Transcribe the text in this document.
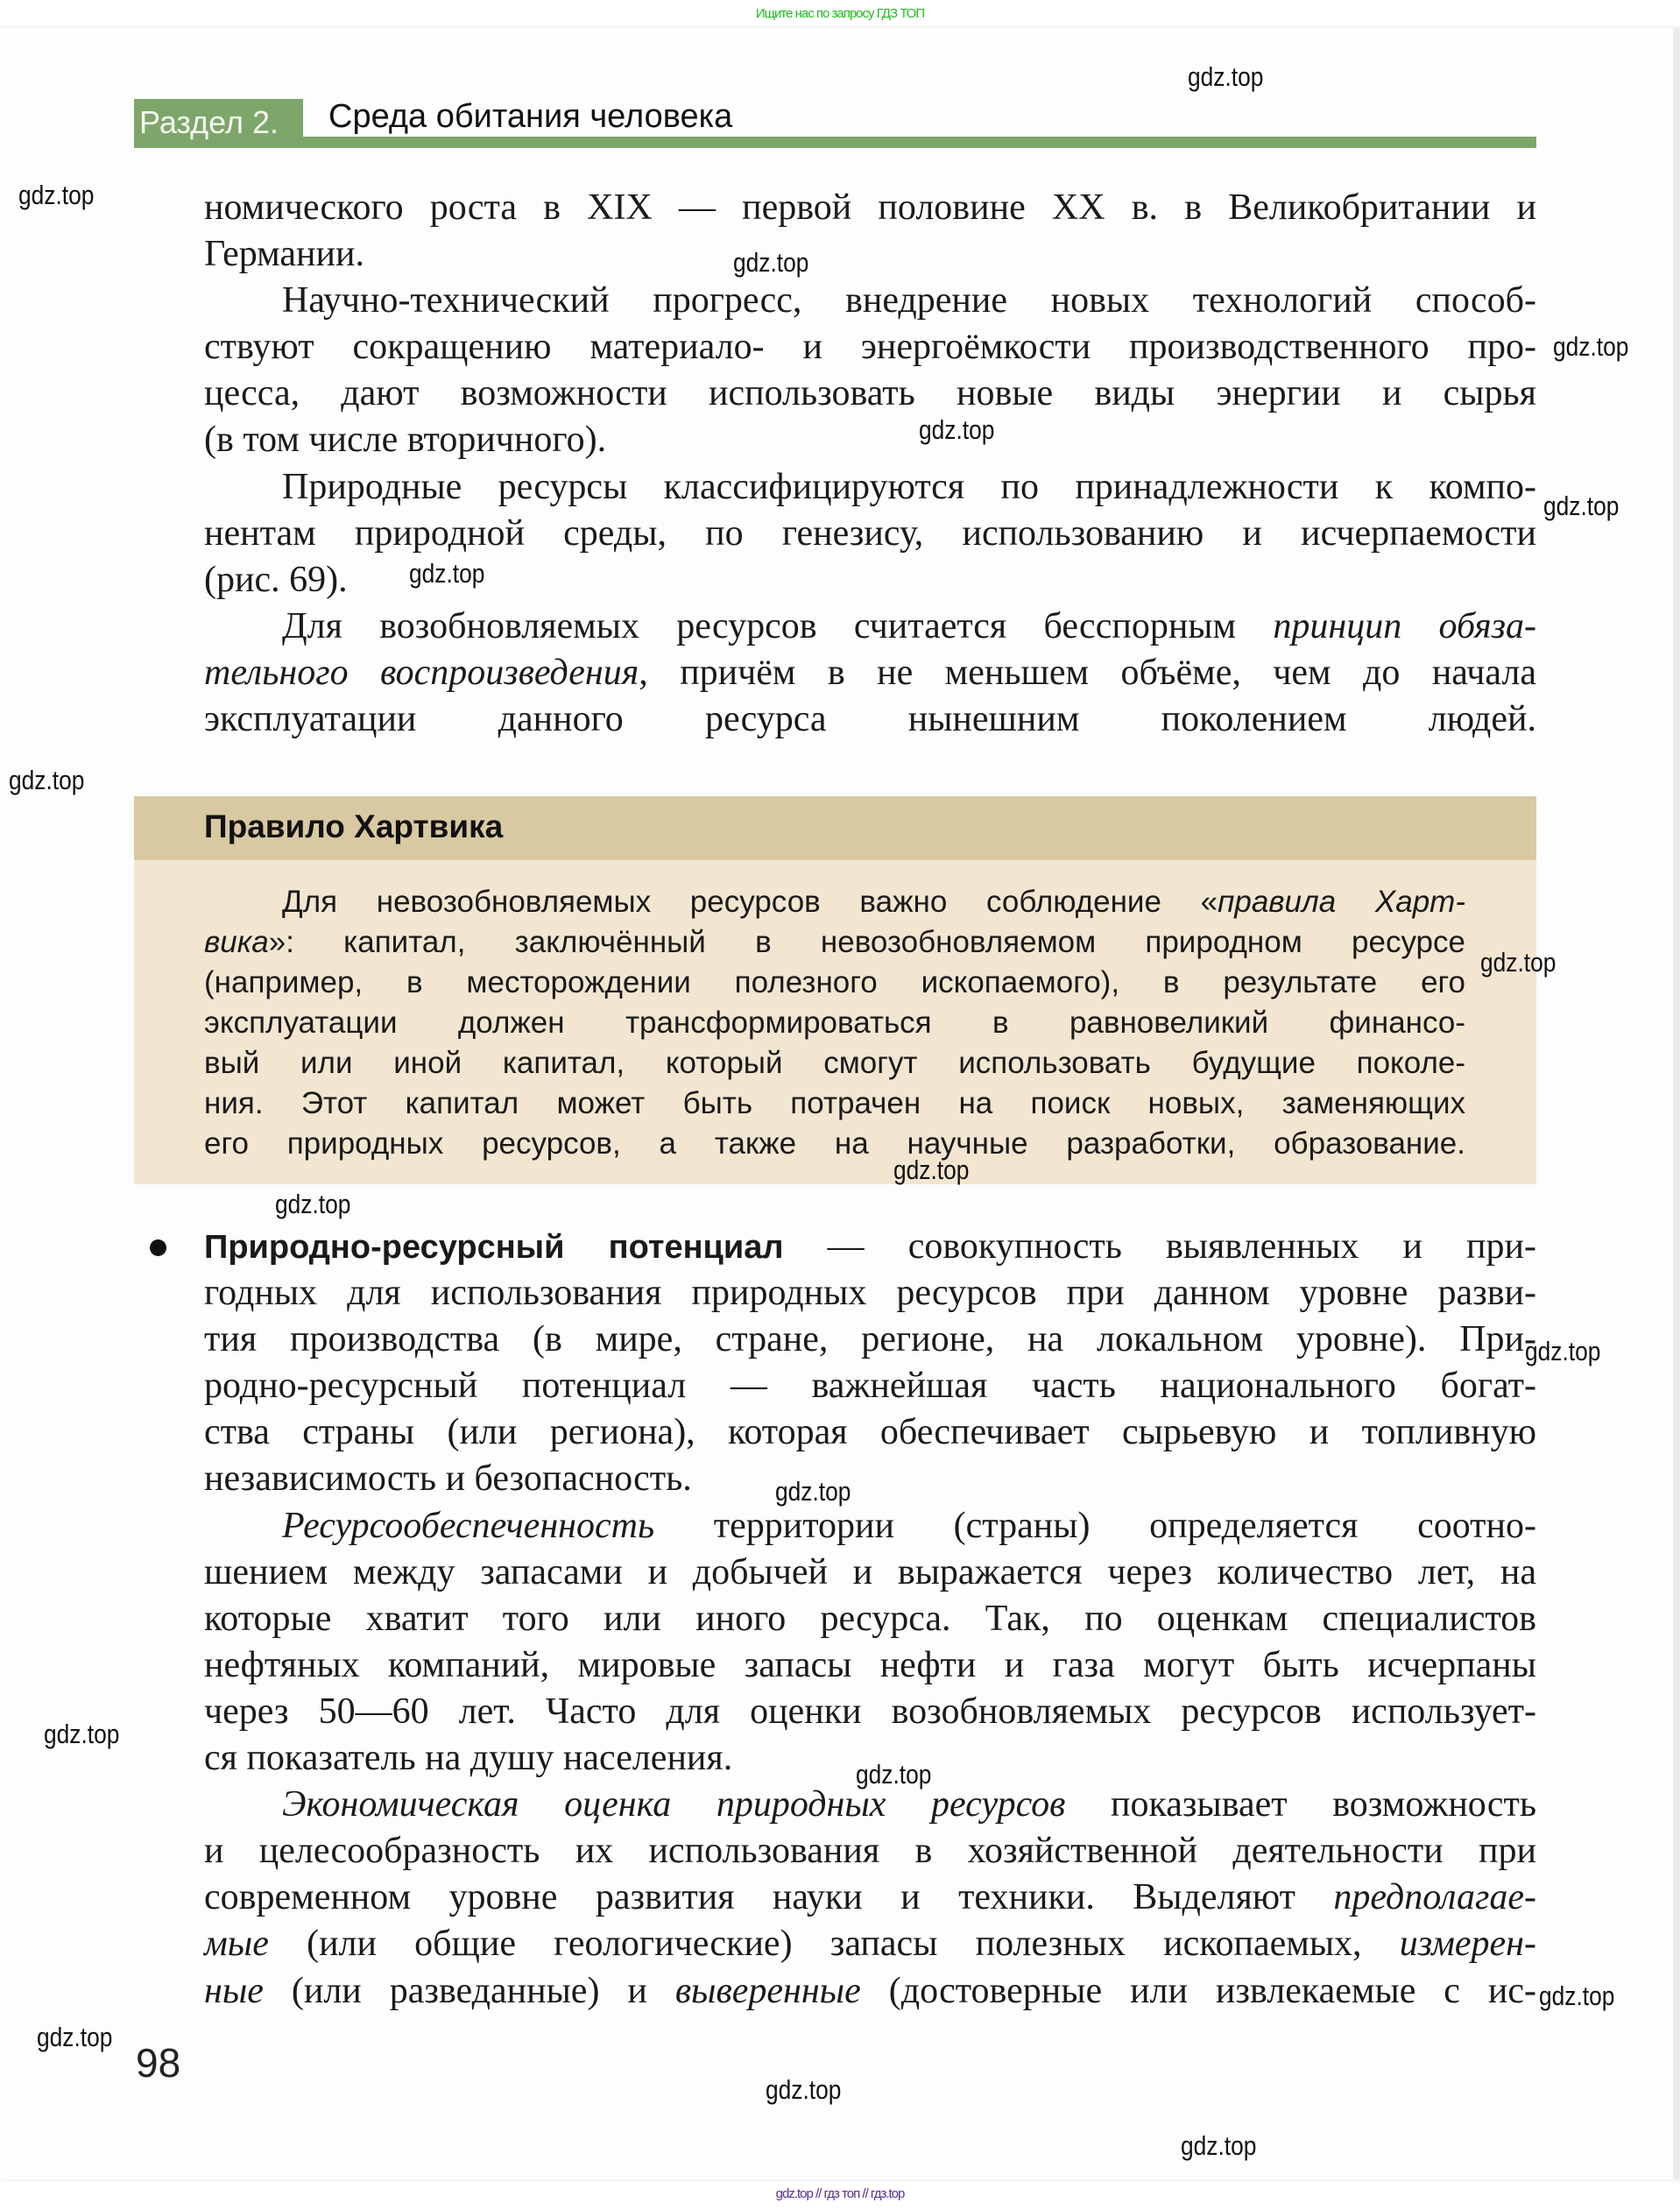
Ищите нас по запросу ГДЗ ТОП
Раздел 2. Среда обитания человека
номического роста в XIX — первой половине XX в. в Великобритании и
Германии.
Научно-технический прогресс, внедрение новых технологий способ-
ствуют сокращению материало- и энергоёмкости производственного про-
цесса, дают возможности использовать новые виды энергии и сырья
(в том числе вторичного).
Природные ресурсы классифицируются по принадлежности к компо-
нентам природной среды, по генезису, использованию и исчерпаемости
(рис. 69).
Для возобновляемых ресурсов считается бесспорным принцип обяза-
тельного воспроизведения, причём в не меньшем объёме, чем до начала
эксплуатации данного ресурса нынешним поколением людей.
Правило Хартвика
Для невозобновляемых ресурсов важно соблюдение «правила Харт-
вика»: капитал, заключённый в невозобновляемом природном ресурсе
(например, в месторождении полезного ископаемого), в результате его
эксплуатации должен трансформироваться в равновеликий финансо-
вый или иной капитал, который смогут использовать будущие поколе-
ния. Этот капитал может быть потрачен на поиск новых, заменяющих
его природных ресурсов, а также на научные разработки, образование.
Природно-ресурсный потенциал — совокупность выявленных и при-
годных для использования природных ресурсов при данном уровне разви-
тия производства (в мире, стране, регионе, на локальном уровне). При-
родно-ресурсный потенциал — важнейшая часть национального богат-
ства страны (или региона), которая обеспечивает сырьевую и топливную
независимость и безопасность.
Ресурсообеспеченность территории (страны) определяется соотно-
шением между запасами и добычей и выражается через количество лет, на
которые хватит того или иного ресурса. Так, по оценкам специалистов
нефтяных компаний, мировые запасы нефти и газа могут быть исчерпаны
через 50—60 лет. Часто для оценки возобновляемых ресурсов использует-
ся показатель на душу населения.
Экономическая оценка природных ресурсов показывает возможность
и целесообразность их использования в хозяйственной деятельности при
современном уровне развития науки и техники. Выделяют предполагае-
мые (или общие геологические) запасы полезных ископаемых, измерен-
ные (или разведанные) и выверенные (достоверные или извлекаемые с ис-
98
gdz.top
gdz.top
gdz.top
gdz.top
gdz.top
gdz.top
gdz.top
gdz.top
gdz.top
gdz.top
gdz.top
gdz.top
gdz.top
gdz.top
gdz.top
gdz.top
gdz.top
gdz.top
gdz.top
gdz.top // гдз топ // гдз.top
